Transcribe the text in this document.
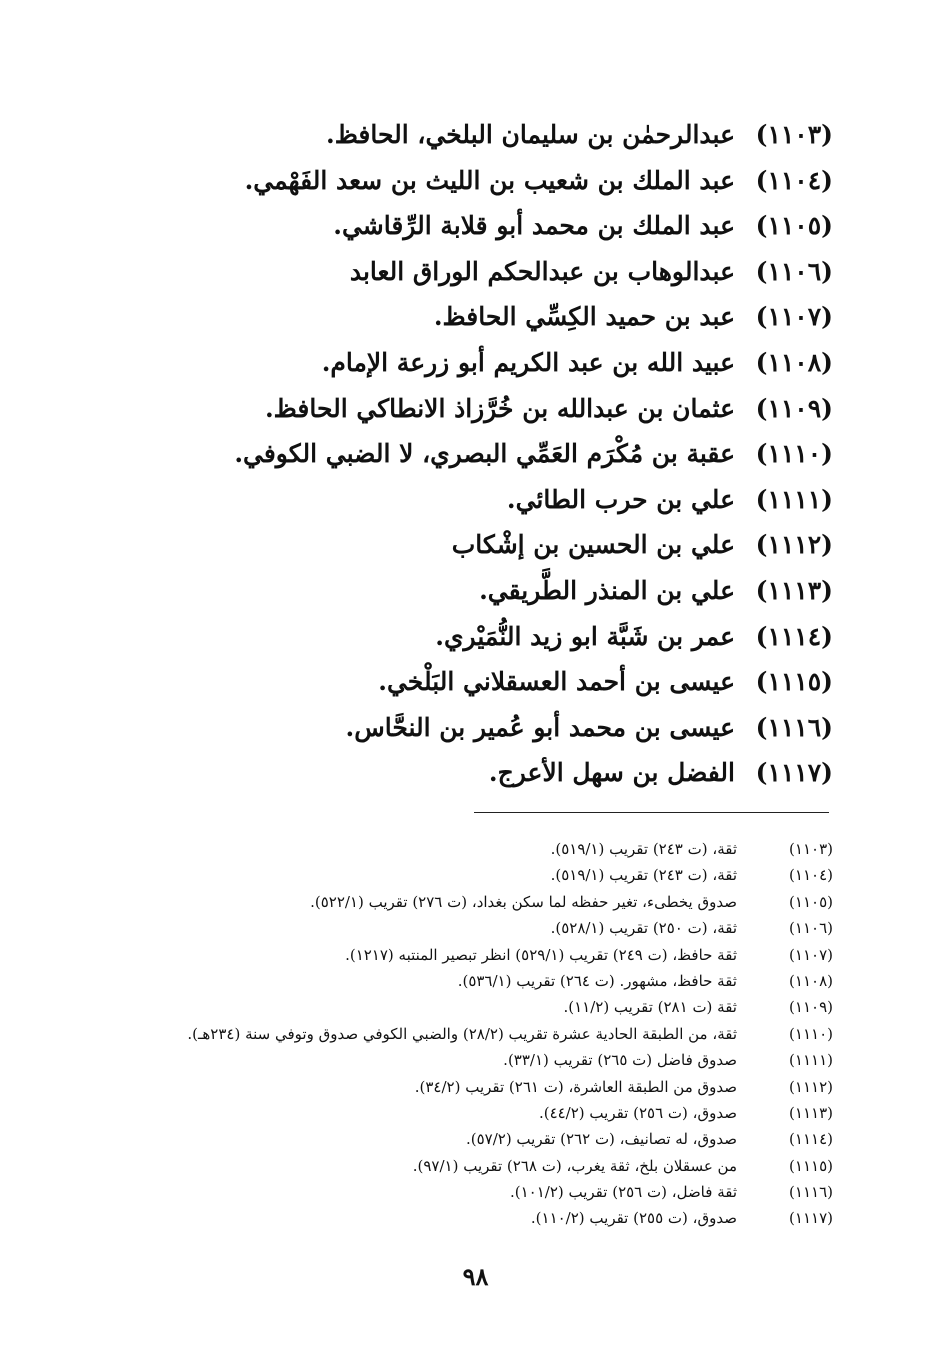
(١١٠٣)
عبدالرحمٰن بن سليمان البلخي، الحافظ.
(١١٠٤)
عبد الملك بن شعيب بن الليث بن سعد الفَهْمي.
(١١٠٥)
عبد الملك بن محمد أبو قلابة الرِّقاشي.
(١١٠٦)
عبدالوهاب بن عبدالحكم الوراق العابد
(١١٠٧)
عبد بن حميد الكِسِّي الحافظ.
(١١٠٨)
عبيد الله بن عبد الكريم أبو زرعة الإمام.
(١١٠٩)
عثمان بن عبدالله بن خُرَّزاذ الانطاكي الحافظ.
(١١١٠)
عقبة بن مُكْرَم العَمِّي البصري، لا الضبي الكوفي.
(١١١١)
علي بن حرب الطائي.
(١١١٢)
علي بن الحسين بن إشْكاب
(١١١٣)
علي بن المنذر الطَّريقي.
(١١١٤)
عمر بن شَبَّة ابو زيد النُّمَيْري.
(١١١٥)
عيسى بن أحمد العسقلاني البَلْخي.
(١١١٦)
عيسى بن محمد أبو عُمير بن النحَّاس.
(١١١٧)
الفضل بن سهل الأعرج.
(١١٠٣)
ثقة، (ت ٢٤٣) تقريب (٥١٩/١).
(١١٠٤)
ثقة، (ت ٢٤٣) تقريب (٥١٩/١).
(١١٠٥)
صدوق يخطىء، تغير حفظه لما سكن بغداد، (ت ٢٧٦) تقريب (٥٢٢/١).
(١١٠٦)
ثقة، (ت ٢٥٠) تقريب (٥٢٨/١).
(١١٠٧)
ثقة حافظ، (ت ٢٤٩) تقريب (٥٢٩/١) انظر تبصير المنتبه (١٢١٧).
(١١٠٨)
ثقة حافظ، مشهور. (ت ٢٦٤) تقريب (٥٣٦/١).
(١١٠٩)
ثقة (ت ٢٨١) تقريب (١١/٢).
(١١١٠)
ثقة، من الطبقة الحادية عشرة تقريب (٢٨/٢) والضبي الكوفي صدوق وتوفي سنة (٢٣٤هـ).
(١١١١)
صدوق فاضل (ت ٢٦٥) تقريب (٣٣/١).
(١١١٢)
صدوق من الطبقة العاشرة، (ت ٢٦١) تقريب (٣٤/٢).
(١١١٣)
صدوق، (ت ٢٥٦) تقريب (٤٤/٢).
(١١١٤)
صدوق، له تصانيف، (ت ٢٦٢) تقريب (٥٧/٢).
(١١١٥)
من عسقلان بلخ، ثقة يغرب، (ت ٢٦٨) تقريب (٩٧/١).
(١١١٦)
ثقة فاضل، (ت ٢٥٦) تقريب (١٠١/٢).
(١١١٧)
صدوق، (ت ٢٥٥) تقريب (١١٠/٢).
٩٨
